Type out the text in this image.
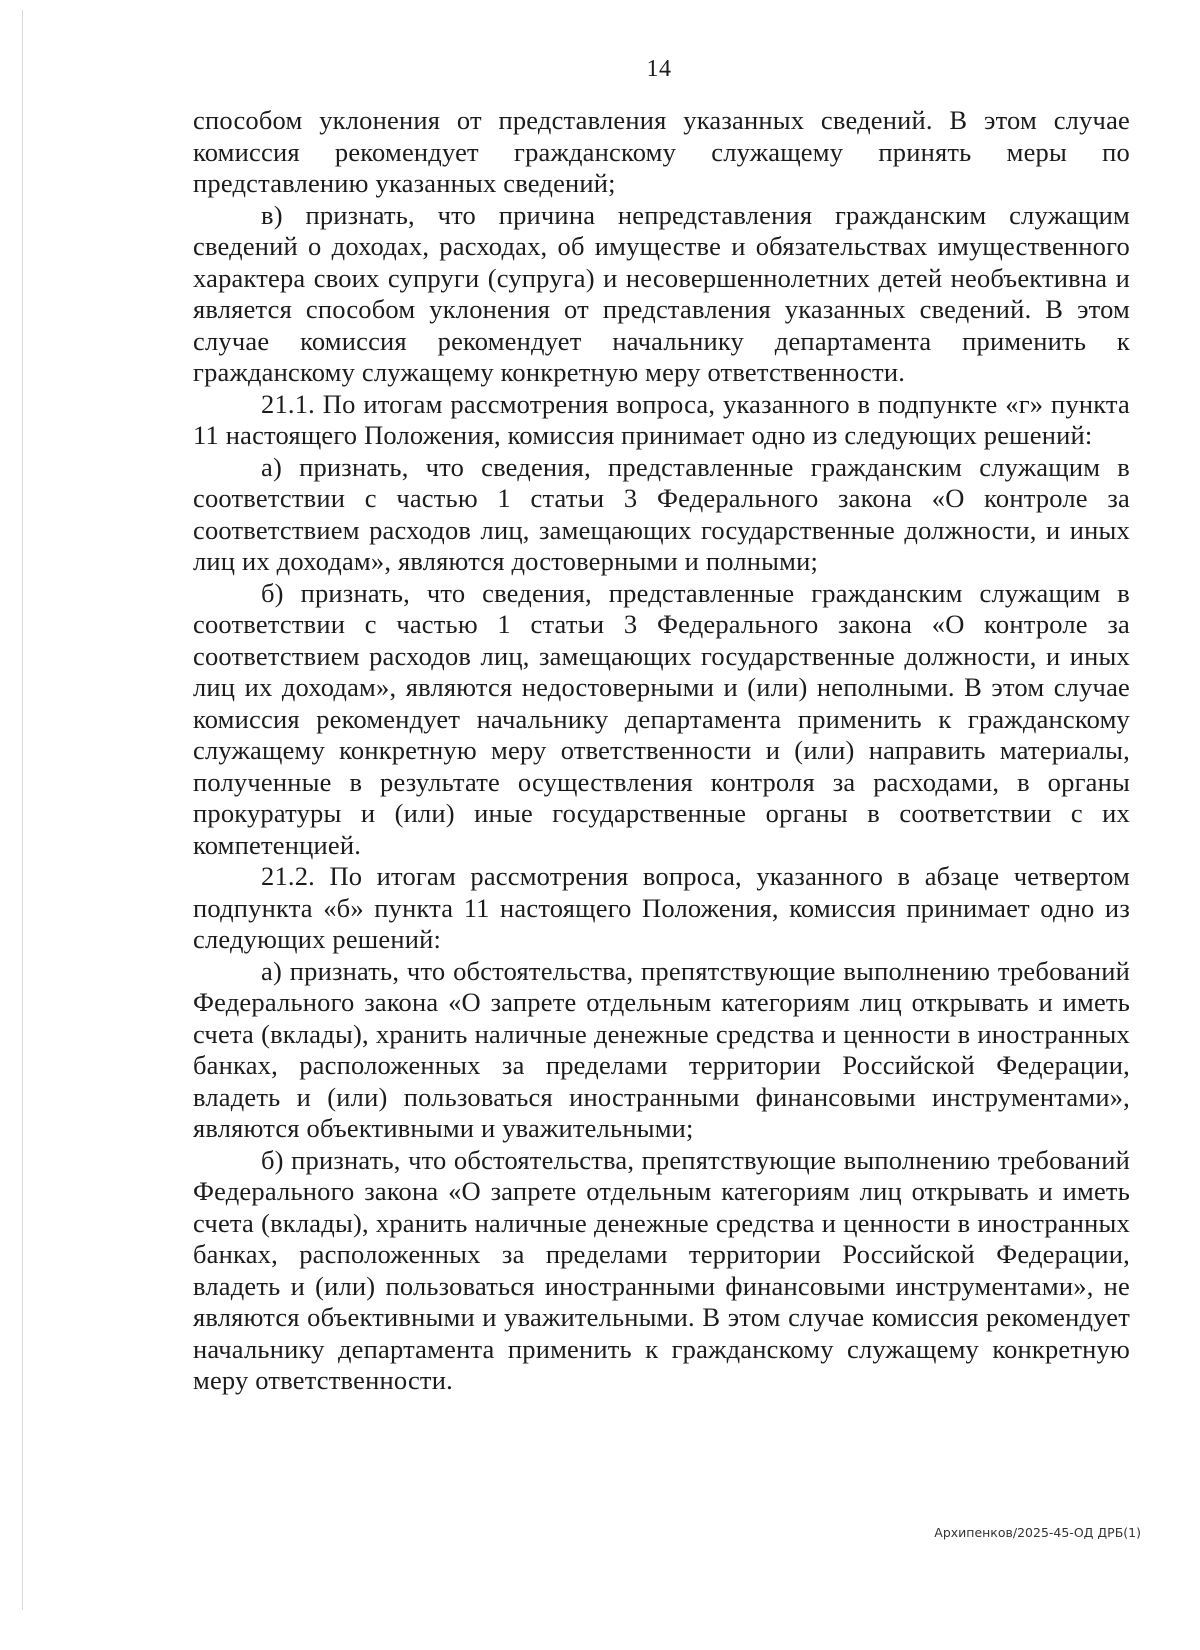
14

способом уклонения от представления указанных сведений. В этом случае комиссия рекомендует гражданскому служащему принять меры по представлению указанных сведений;

в) признать, что причина непредставления гражданским служащим сведений о доходах, расходах, об имуществе и обязательствах имущественного характера своих супруги (супруга) и несовершеннолетних детей необъективна и является способом уклонения от представления указанных сведений. В этом случае комиссия рекомендует начальнику департамента применить к гражданскому служащему конкретную меру ответственности.

21.1. По итогам рассмотрения вопроса, указанного в подпункте «г» пункта 11 настоящего Положения, комиссия принимает одно из следующих решений:

а) признать, что сведения, представленные гражданским служащим в соответствии с частью 1 статьи 3 Федерального закона «О контроле за соответствием расходов лиц, замещающих государственные должности, и иных лиц их доходам», являются достоверными и полными;

б) признать, что сведения, представленные гражданским служащим в соответствии с частью 1 статьи 3 Федерального закона «О контроле за соответствием расходов лиц, замещающих государственные должности, и иных лиц их доходам», являются недостоверными и (или) неполными. В этом случае комиссия рекомендует начальнику департамента применить к гражданскому служащему конкретную меру ответственности и (или) направить материалы, полученные в результате осуществления контроля за расходами, в органы прокуратуры и (или) иные государственные органы в соответствии с их компетенцией.

21.2. По итогам рассмотрения вопроса, указанного в абзаце четвертом подпункта «б» пункта 11 настоящего Положения, комиссия принимает одно из следующих решений:

а) признать, что обстоятельства, препятствующие выполнению требований Федерального закона «О запрете отдельным категориям лиц открывать и иметь счета (вклады), хранить наличные денежные средства и ценности в иностранных банках, расположенных за пределами территории Российской Федерации, владеть и (или) пользоваться иностранными финансовыми инструментами», являются объективными и уважительными;

б) признать, что обстоятельства, препятствующие выполнению требований Федерального закона «О запрете отдельным категориям лиц открывать и иметь счета (вклады), хранить наличные денежные средства и ценности в иностранных банках, расположенных за пределами территории Российской Федерации, владеть и (или) пользоваться иностранными финансовыми инструментами», не являются объективными и уважительными. В этом случае комиссия рекомендует начальнику департамента применить к гражданскому служащему конкретную меру ответственности.

Архипенков/2025-45-ОД ДРБ(1)
